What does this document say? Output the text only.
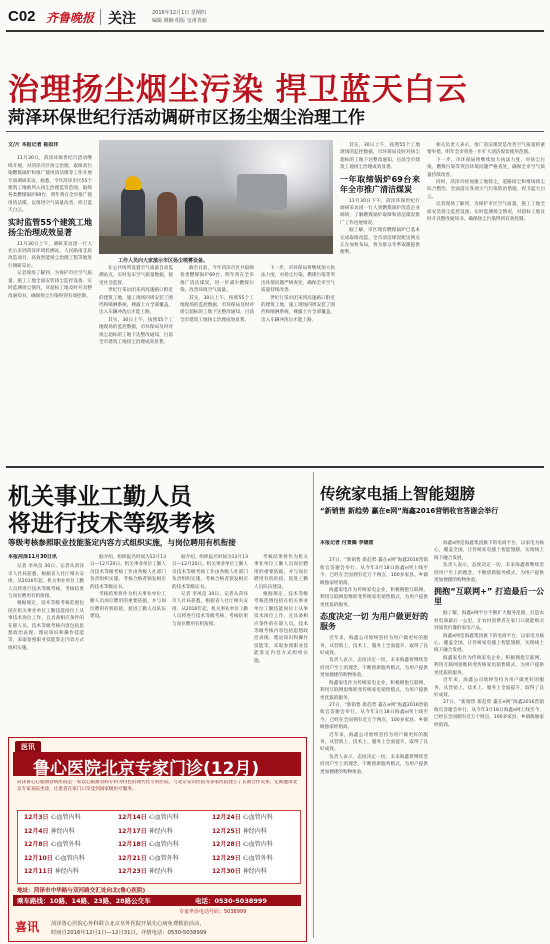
C02 齐鲁晚报 关注	2016年12月1日 星期四
编辑 姚楠 组版 皇甫青丽
治理扬尘烟尘污染 捍卫蓝天白云
菏泽环保世纪行活动调研市区扬尘烟尘治理工作
文/片 本报记者 崔如洋

11月30日，菏泽环保世纪行活动继续开展。对菏泽市区扬尘治理，取缔高污染燃煤锅炉和推广使用清洁煤等工作开展专项调研采访。据悉，今年菏泽市区55个建筑工地被列入扬尘治理监管范围，取缔各类燃煤锅炉69台，明年将在全市推广使用清洁煤，以推进空气质量改善，捍卫蓝天白云。

实时监管55个建筑工地扬尘治理成效显著

11月30日上午，调研采访团一行人先后来到菏泽环境检测站、人民路南支段改造项目、高效智能扬尘治理工程等地进行调研采访。

记者现场了解到，为保护市区空气质量，施工工地全面安装扬尘监控设备，实时监测扬尘情况，对超标工地及时开具整改通知书，确保扬尘污染得到有效控制。

工作人员向大家演示市区扬尘喷雾设备。

在公共场所设置空气质量自动监测站点，实时发布空气质量数据，接受社会监督。

世纪行采访团来到高速路口附近的建筑工地，施工现场四周安装了围挡和喷淋系统，裸露土方全部覆盖，出入车辆冲洗后才能上路。

其实，30日上午，按照55个工地现场的监控数据，市环保局及时对扬尘超标的工地下达整改通知，目前全市建筑工地扬尘治理成效显著。

截至目前，今年菏泽市区共取缔各类燃煤锅炉69台，明年将在全市推广清洁煤炭，进一步减少燃煤污染，改善环境空气质量。

其实，30日上午，按照55个工地现场的监控数据，市环保局及时对扬尘超标的工地下达整改通知，目前全市建筑工地扬尘治理成效显著。

下一步，市环保局将继续加大执法力度，对扬尘污染、燃煤污染等突出环境问题严格查处，确保全市空气质量持续改善。

世纪行采访团来到高速路口附近的建筑工地，施工现场四周安装了围挡和喷淋系统，裸露土方全部覆盖，出入车辆冲洗后才能上路。

其实，30日上午，按照55个工地现场的监控数据，市环保局及时对扬尘超标的工地下达整改通知，目前全市建筑工地扬尘治理成效显著。

一年取缔锅炉69台来年全市推广清洁煤炭

11月30日下午，菏泽环保世纪行调研采访团一行人到燃煤锅炉改造企业调研，了解燃煤锅炉取缔和清洁煤炭推广工作进展情况。

据了解，市区现有燃煤锅炉已基本完成取缔改造，全市清洁煤炭配送网点正在加快布局，将为群众冬季取暖提供便利。

相关负责人表示，推广清洁煤炭是改善空气质量的重要举措，明年全市将进一步扩大清洁煤炭使用范围。

下一步，市环保局将继续加大执法力度，对扬尘污染、燃煤污染等突出环境问题严格查处，确保全市空气质量持续改善。

同时，菏泽市将加强工地扬尘、道路扬尘和堆场扬尘综合整治，全面落实各项大气污染防治措施，捍卫蓝天白云。

记者现场了解到，为保护市区空气质量，施工工地全面安装扬尘监控设备，实时监测扬尘情况，对超标工地及时开具整改通知书，确保扬尘污染得到有效控制。

机关事业工勤人员
将进行技术等级考核
等级考核参照职业技能鉴定内容方式组织实施，与岗位聘用有机衔接
本报菏泽11月30日讯

记者 李凤仪 30日，记者从菏泽市人社局获悉，根据省人社厅相关安排，从2016年起，机关事业单位工勤人员将进行技术等级考核，考核结果与岗位聘用有机衔接。

根据规定，技术等级考核范围包括在机关事业单位工勤技能岗位上从事技术岗位工作，且具备相应条件的在职人员。技术等级考核内容包括思想政治表现、理论知识和操作技能等，采取参照职业技能鉴定内容方式组织实施。

据介绍，组织报名时间为12月13日—12月20日。机关事业单位工勤人员技术等级考核工作由各级人社部门负责组织实施，考核合格者颁发相应的技术等级证书。

考核结果将作为机关事业单位工勤人员岗位聘用的重要依据，并与岗位聘用有机衔接，促进工勤人员队伍建设。

据介绍，组织报名时间为12月13日—12月20日。机关事业单位工勤人员技术等级考核工作由各级人社部门负责组织实施，考核合格者颁发相应的技术等级证书。

记者 李凤仪 30日，记者从菏泽市人社局获悉，根据省人社厅相关安排，从2016年起，机关事业单位工勤人员将进行技术等级考核，考核结果与岗位聘用有机衔接。

考核结果将作为机关事业单位工勤人员岗位聘用的重要依据，并与岗位聘用有机衔接，促进工勤人员队伍建设。

根据规定，技术等级考核范围包括在机关事业单位工勤技能岗位上从事技术岗位工作，且具备相应条件的在职人员。技术等级考核内容包括思想政治表现、理论知识和操作技能等，采取参照职业技能鉴定内容方式组织实施。

医讯
鲁心医院北京专家门诊(12月)
菏泽鲁心心脑血管病医院是一家以心脑血管病专科为特色的现代化专科医院，与北京安贞医院等多家医院建立了长期合作关系，定期邀请北京专家来院坐诊，让患者在家门口享受到国家级医疗服务。
12月3日 心血管内科
12月4日 神经内科
12月8日 心血管外科
12月10日 心血管内科
12月11日 神经内科
12月14日 心血管内科
12月17日 神经内科
12月18日 心血管内科
12月21日 心血管外科
12月23日 神经内科
12月24日 心血管内科
12月25日 神经内科
12月28日 心血管内科
12月29日 心血管外科
12月30日 神经内科
地址：菏泽市中华路与双河路交汇处向北(鲁心医院)
乘车路线：10路、14路、23路、28路公交车	电话：0530-5038999
专家坐诊电话号码：5038999
喜讯 菏泽鲁心医院心外科联合北京阜外医院开展先心病免费救治活动，
时间自2016年12月1日—12月31日。详情电话：0530-5038999
传统家电插上智能翅膀
“新销售 新趋势 赢在e网”海鑫2016营销收官答谢会举行
本报记者 付景腾 李德雷

27日，“新销售 新趋势 赢在e网”海鑫2016营销收官答谢会举行，从今年3月18日海鑫e网上线至今，已经在全国拥有近万个网点，100多家县、乡镇级独家经销商。

海鑫家电作为传统家电企业，积极拥抱互联网，利用互联网思维转变传统家电销售模式，为用户提供更优质的服务。

态度决定一切 为用户做更好的服务

近年来，海鑫公司始终坚持为用户做更好的服务，从营销上、技术上、服务上全面提升，取得了良好成效。

负责人表示，态度决定一切，未来海鑫将继续坚持用户至上的理念，不断创新服务模式，为用户提供更加便捷的购物体验。

海鑫家电作为传统家电企业，积极拥抱互联网，利用互联网思维转变传统家电销售模式，为用户提供更优质的服务。

27日，“新销售 新趋势 赢在e网”海鑫2016营销收官答谢会举行，从今年3月18日海鑫e网上线至今，已经在全国拥有近万个网点，100多家县、乡镇级独家经销商。

近年来，海鑫公司始终坚持为用户做更好的服务，从营销上、技术上、服务上全面提升，取得了良好成效。

负责人表示，态度决定一切，未来海鑫将继续坚持用户至上的理念，不断创新服务模式，为用户提供更加便捷的购物体验。

海鑫e网是海鑫集团旗下的电商平台，以家电为核心，覆盖全国，让传统家电插上智能翅膀，实现线上线下融合发展。

负责人表示，态度决定一切，未来海鑫将继续坚持用户至上的理念，不断创新服务模式，为用户提供更加便捷的购物体验。

拥抱“互联网+” 打造最后一公里

据了解，海鑫e网平台不断扩大服务范围，打造农村电商最后一公里，让农村消费者在家门口就能购买到质优价廉的家电产品。

海鑫e网是海鑫集团旗下的电商平台，以家电为核心，覆盖全国，让传统家电插上智能翅膀，实现线上线下融合发展。

海鑫家电作为传统家电企业，积极拥抱互联网，利用互联网思维转变传统家电销售模式，为用户提供更优质的服务。

近年来，海鑫公司始终坚持为用户做更好的服务，从营销上、技术上、服务上全面提升，取得了良好成效。

27日，“新销售 新趋势 赢在e网”海鑫2016营销收官答谢会举行，从今年3月18日海鑫e网上线至今，已经在全国拥有近万个网点，100多家县、乡镇级独家经销商。
